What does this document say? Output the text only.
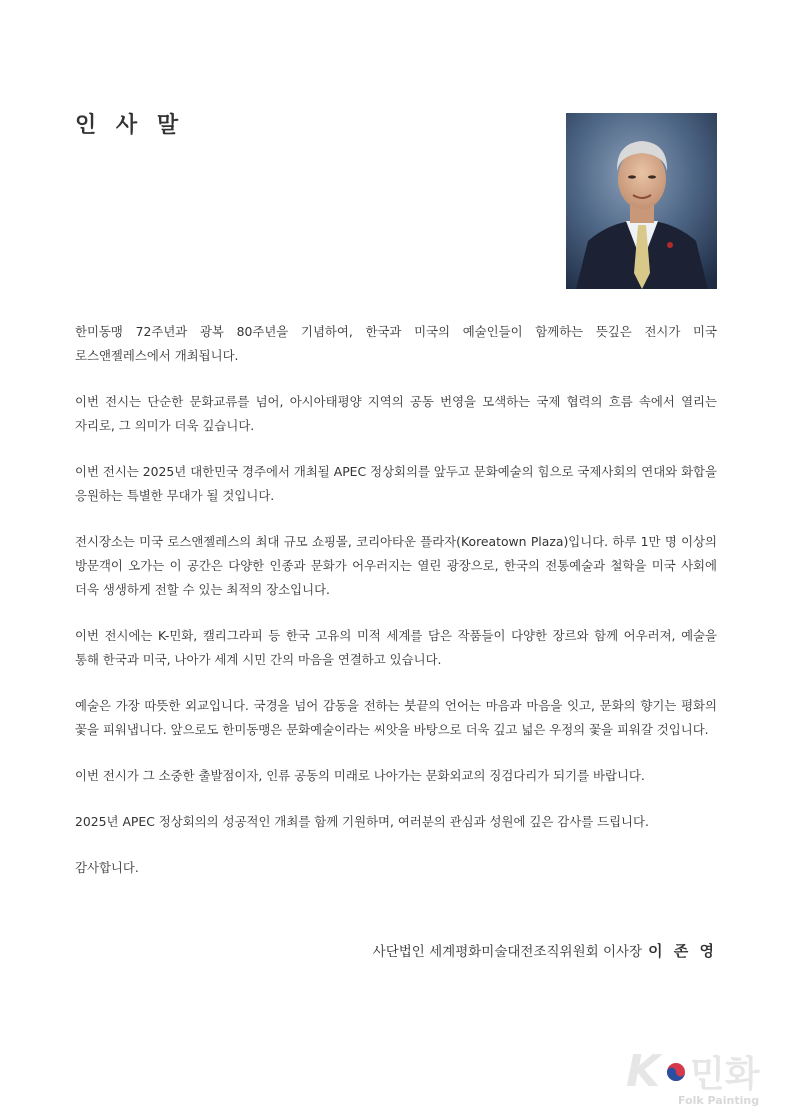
인 사 말

한미동맹 72주년과 광복 80주년을 기념하여, 한국과 미국의 예술인들이 함께하는 뜻깊은 전시가 미국 로스앤젤레스에서 개최됩니다.

이번 전시는 단순한 문화교류를 넘어, 아시아태평양 지역의 공동 번영을 모색하는 국제 협력의 흐름 속에서 열리는 자리로, 그 의미가 더욱 깊습니다.

이번 전시는 2025년 대한민국 경주에서 개최될 APEC 정상회의를 앞두고 문화예술의 힘으로 국제사회의 연대와 화합을 응원하는 특별한 무대가 될 것입니다.

전시장소는 미국 로스앤젤레스의 최대 규모 쇼핑몰, 코리아타운 플라자(Koreatown Plaza)입니다. 하루 1만 명 이상의 방문객이 오가는 이 공간은 다양한 인종과 문화가 어우러지는 열린 광장으로, 한국의 전통예술과 철학을 미국 사회에 더욱 생생하게 전할 수 있는 최적의 장소입니다.

이번 전시에는 K-민화, 캘리그라피 등 한국 고유의 미적 세계를 담은 작품들이 다양한 장르와 함께 어우러져, 예술을 통해 한국과 미국, 나아가 세계 시민 간의 마음을 연결하고 있습니다.

예술은 가장 따뜻한 외교입니다. 국경을 넘어 감동을 전하는 붓끝의 언어는 마음과 마음을 잇고, 문화의 향기는 평화의 꽃을 피워냅니다. 앞으로도 한미동맹은 문화예술이라는 씨앗을 바탕으로 더욱 깊고 넓은 우정의 꽃을 피워갈 것입니다.

이번 전시가 그 소중한 출발점이자, 인류 공동의 미래로 나아가는 문화외교의 징검다리가 되기를 바랍니다.

2025년 APEC 정상회의의 성공적인 개최를 함께 기원하며, 여러분의 관심과 성원에 깊은 감사를 드립니다.

감사합니다.

사단법인 세계평화미술대전조직위원회 이사장 이 존 영
K 민화
Folk Painting
